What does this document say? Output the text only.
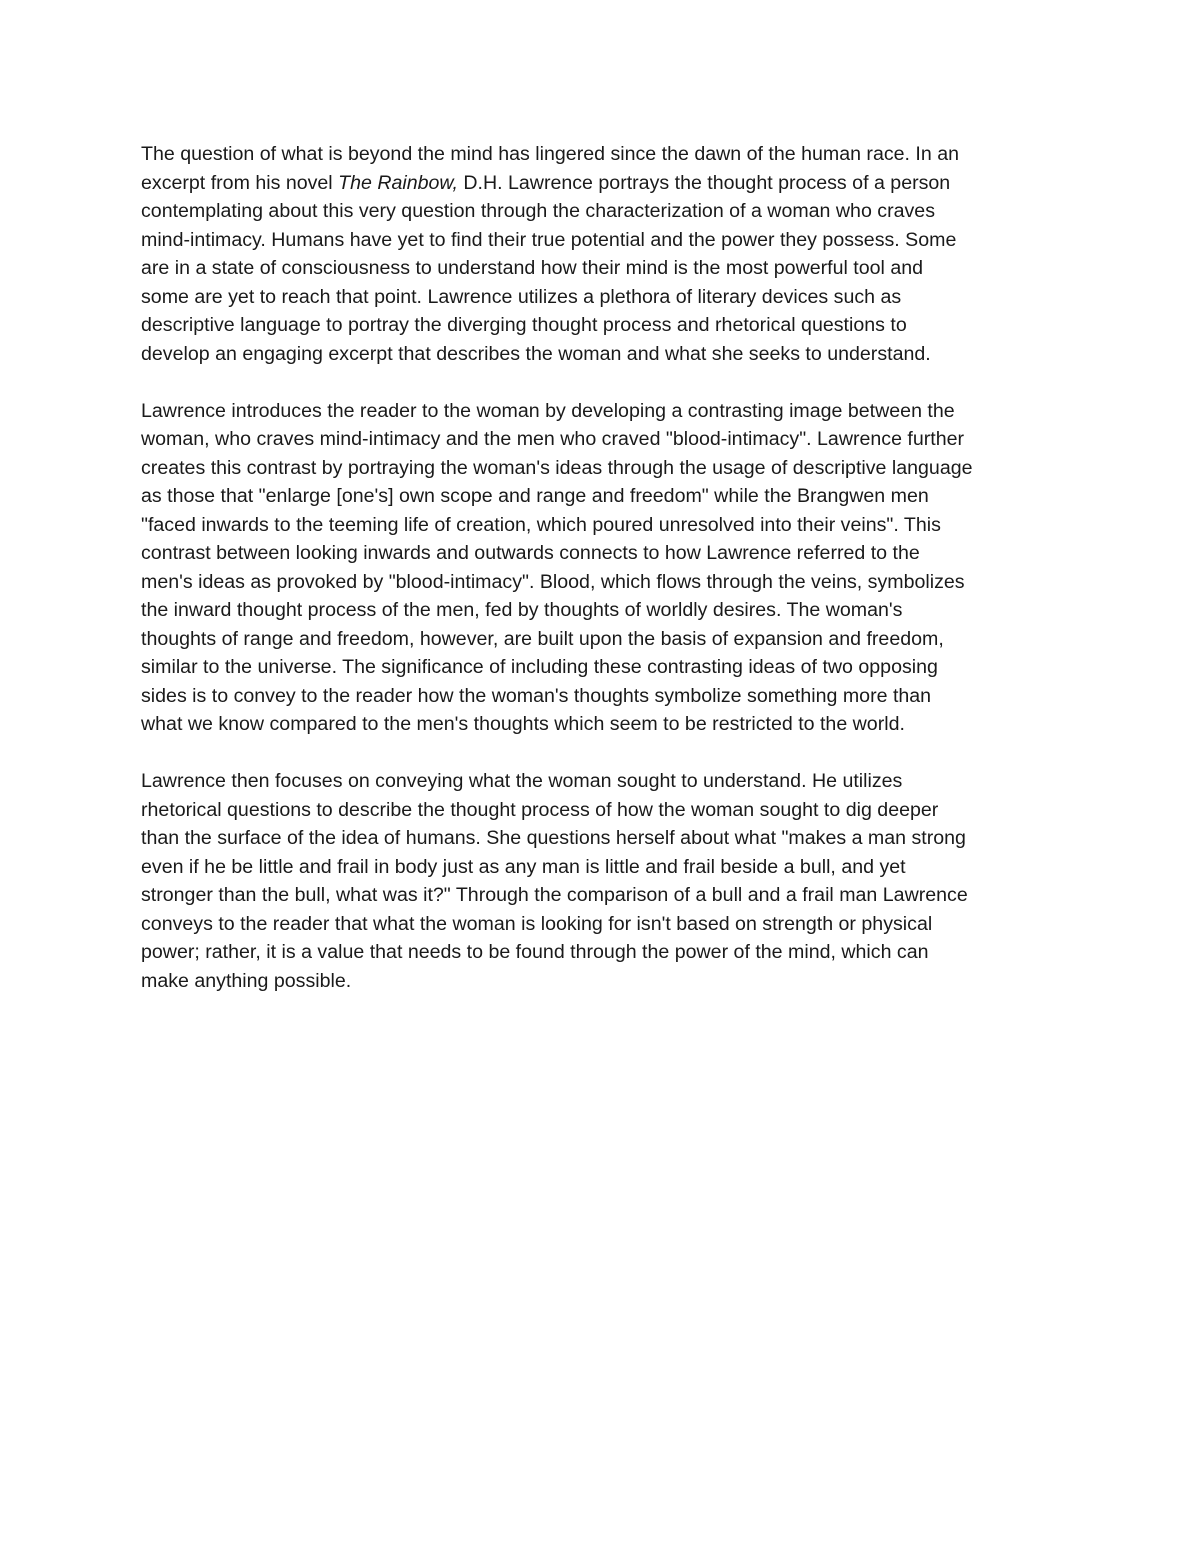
The question of what is beyond the mind has lingered since the dawn of the human race. In an
excerpt from his novel The Rainbow, D.H. Lawrence portrays the thought process of a person
contemplating about this very question through the characterization of a woman who craves
mind-intimacy. Humans have yet to find their true potential and the power they possess. Some
are in a state of consciousness to understand how their mind is the most powerful tool and
some are yet to reach that point. Lawrence utilizes a plethora of literary devices such as
descriptive language to portray the diverging thought process and rhetorical questions to
develop an engaging excerpt that describes the woman and what she seeks to understand.

Lawrence introduces the reader to the woman by developing a contrasting image between the
woman, who craves mind-intimacy and the men who craved "blood-intimacy". Lawrence further
creates this contrast by portraying the woman's ideas through the usage of descriptive language
as those that "enlarge [one's] own scope and range and freedom" while the Brangwen men
"faced inwards to the teeming life of creation, which poured unresolved into their veins". This
contrast between looking inwards and outwards connects to how Lawrence referred to the
men's ideas as provoked by "blood-intimacy". Blood, which flows through the veins, symbolizes
the inward thought process of the men, fed by thoughts of worldly desires. The woman's
thoughts of range and freedom, however, are built upon the basis of expansion and freedom,
similar to the universe. The significance of including these contrasting ideas of two opposing
sides is to convey to the reader how the woman's thoughts symbolize something more than
what we know compared to the men's thoughts which seem to be restricted to the world.

Lawrence then focuses on conveying what the woman sought to understand. He utilizes
rhetorical questions to describe the thought process of how the woman sought to dig deeper
than the surface of the idea of humans. She questions herself about what "makes a man strong
even if he be little and frail in body just as any man is little and frail beside a bull, and yet
stronger than the bull, what was it?" Through the comparison of a bull and a frail man Lawrence
conveys to the reader that what the woman is looking for isn't based on strength or physical
power; rather, it is a value that needs to be found through the power of the mind, which can
make anything possible.
